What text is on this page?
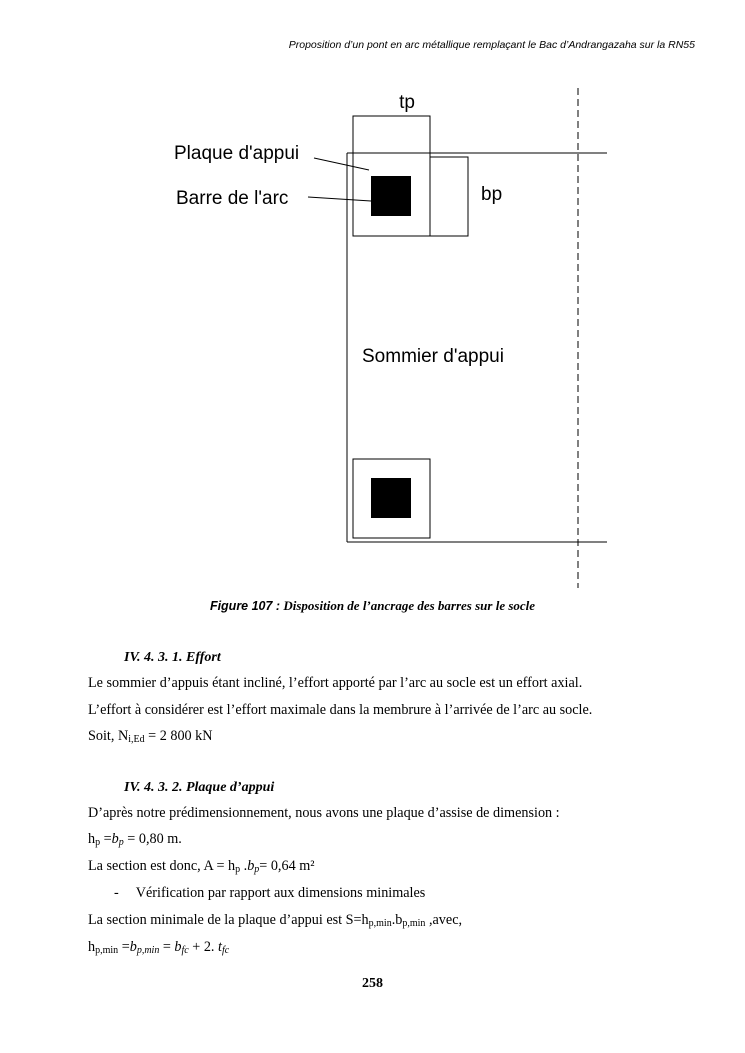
Proposition d’un pont en arc métallique remplaçant le Bac d’Andrangazaha sur la RN55
tp
bp
Plaque d'appui
Barre de l'arc
Sommier d'appui
Figure 107 : Disposition de l’ancrage des barres sur le socle
IV. 4. 3. 1. Effort
Le sommier d’appuis étant incliné, l’effort apporté par l’arc au socle est un effort axial.
L’effort à considérer est l’effort maximale dans la membrure à l’arrivée de l’arc au socle.
Soit, $N_{i,Ed} = 2$ 800 kN
IV. 4. 3. 2. Plaque d’appui
D’après notre prédimensionnement, nous avons une plaque d’assise de dimension :
$h_p =b_p = 0,80$ m.
La section est donc, $A = h_p$ $.b_p= 0,64$ m²
- Vérification par rapport aux dimensions minimales
La section minimale de la plaque d’appui est $S=h_{p,min}.b_{p,min}$ ,avec,
$h_{p,min} =b_{p,min} = b_{fc} + 2$. $t_{fc}$
258
